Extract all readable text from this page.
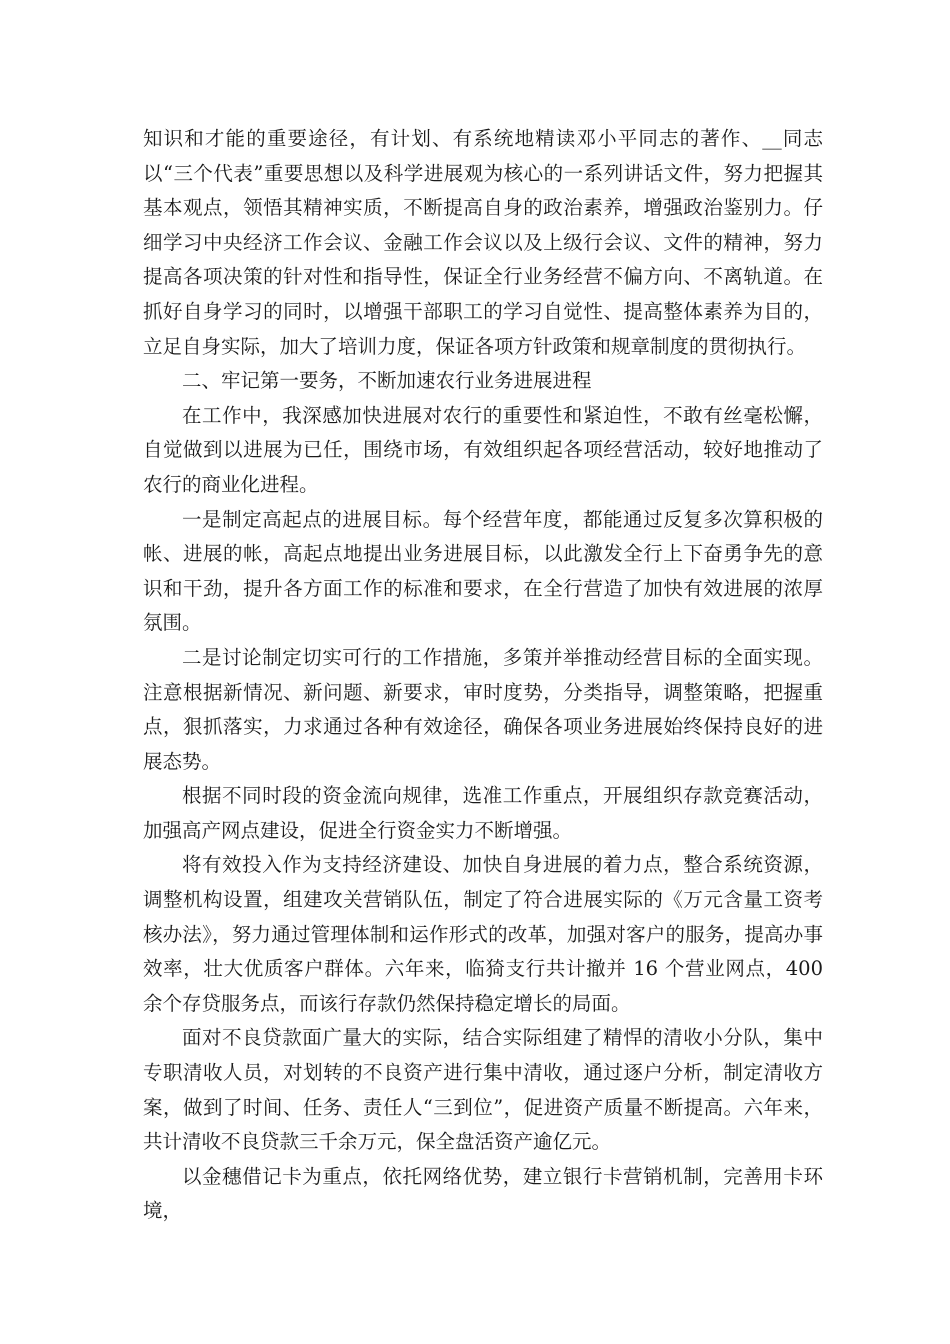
知识和才能的重要途径，有计划、有系统地精读邓小平同志的著作、__同志以“三个代表”重要思想以及科学进展观为核心的一系列讲话文件，努力把握其基本观点，领悟其精神实质，不断提高自身的政治素养，增强政治鉴别力。仔细学习中央经济工作会议、金融工作会议以及上级行会议、文件的精神，努力提高各项决策的针对性和指导性，保证全行业务经营不偏方向、不离轨道。在抓好自身学习的同时，以增强干部职工的学习自觉性、提高整体素养为目的，立足自身实际，加大了培训力度，保证各项方针政策和规章制度的贯彻执行。

二、牢记第一要务，不断加速农行业务进展进程

在工作中，我深感加快进展对农行的重要性和紧迫性，不敢有丝毫松懈，自觉做到以进展为已任，围绕市场，有效组织起各项经营活动，较好地推动了农行的商业化进程。

一是制定高起点的进展目标。每个经营年度，都能通过反复多次算积极的帐、进展的帐，高起点地提出业务进展目标，以此激发全行上下奋勇争先的意识和干劲，提升各方面工作的标准和要求，在全行营造了加快有效进展的浓厚氛围。

二是讨论制定切实可行的工作措施，多策并举推动经营目标的全面实现。注意根据新情况、新问题、新要求，审时度势，分类指导，调整策略，把握重点，狠抓落实，力求通过各种有效途径，确保各项业务进展始终保持良好的进展态势。

根据不同时段的资金流向规律，选准工作重点，开展组织存款竞赛活动，加强高产网点建设，促进全行资金实力不断增强。

将有效投入作为支持经济建设、加快自身进展的着力点，整合系统资源，调整机构设置，组建攻关营销队伍，制定了符合进展实际的《万元含量工资考核办法》，努力通过管理体制和运作形式的改革，加强对客户的服务，提高办事效率，壮大优质客户群体。六年来，临猗支行共计撤并 16 个营业网点，400 余个存贷服务点，而该行存款仍然保持稳定增长的局面。

面对不良贷款面广量大的实际，结合实际组建了精悍的清收小分队，集中专职清收人员，对划转的不良资产进行集中清收，通过逐户分析，制定清收方案，做到了时间、任务、责任人“三到位”，促进资产质量不断提高。六年来，共计清收不良贷款三千余万元，保全盘活资产逾亿元。

以金穗借记卡为重点，依托网络优势，建立银行卡营销机制，完善用卡环境，
